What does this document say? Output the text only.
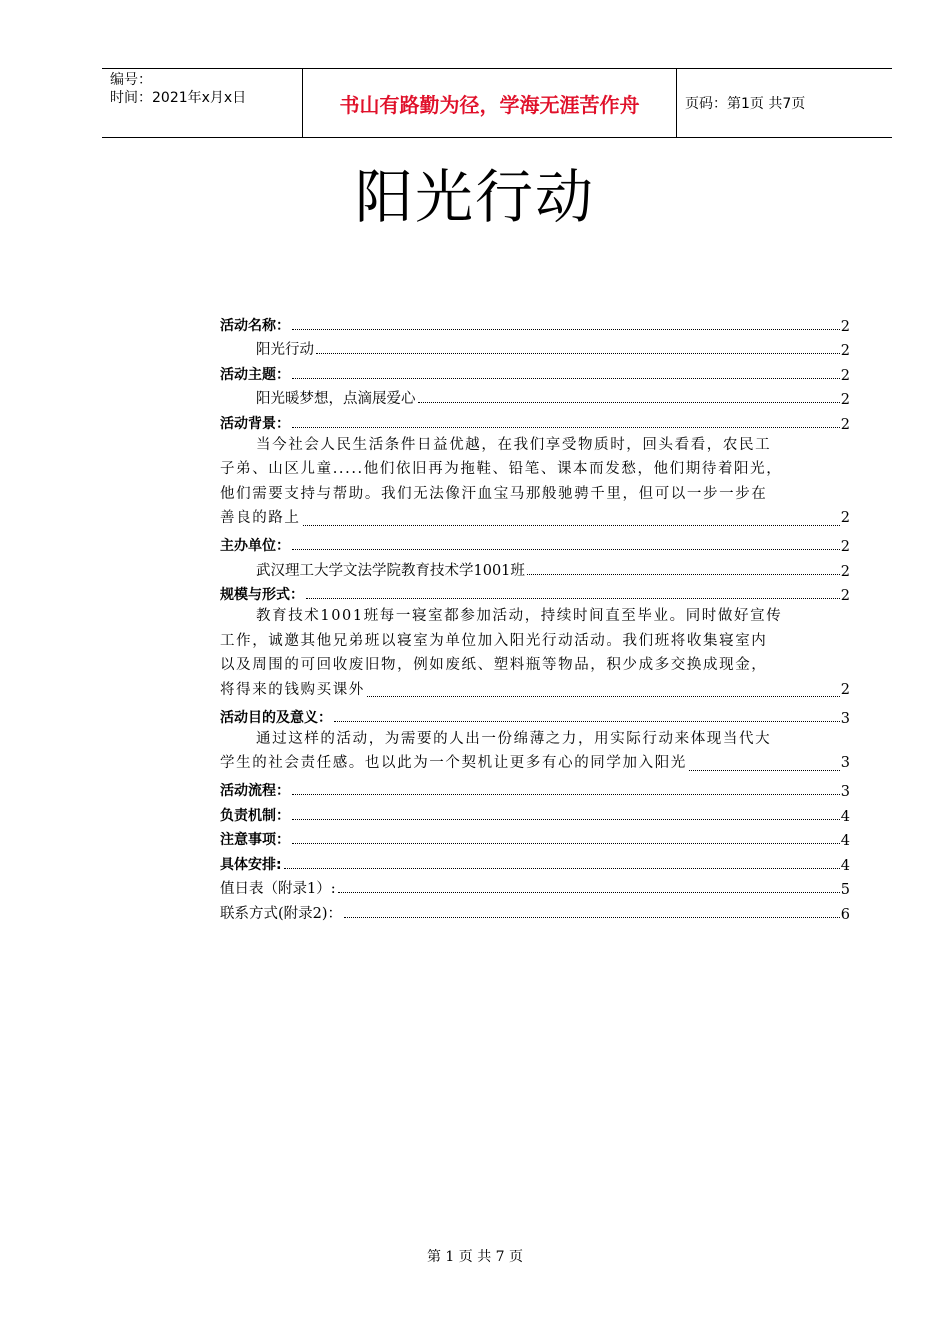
编号：
时间：2021年x月x日	书山有路勤为径，学海无涯苦作舟	页码：第1页 共7页
阳光行动
活动名称：	2
阳光行动	2
活动主题：	2
阳光暖梦想，点滴展爱心	2
活动背景：	2
当今社会人民生活条件日益优越，在我们享受物质时，回头看看，农民工
子弟、山区儿童.....他们依旧再为拖鞋、铅笔、课本而发愁，他们期待着阳光，
他们需要支持与帮助。我们无法像汗血宝马那般驰骋千里，但可以一步一步在
善良的路上	2
主办单位：	2
武汉理工大学文法学院教育技术学1001班	2
规模与形式：	2
教育技术1001班每一寝室都参加活动，持续时间直至毕业。同时做好宣传
工作，诚邀其他兄弟班以寝室为单位加入阳光行动活动。我们班将收集寝室内
以及周围的可回收废旧物，例如废纸、塑料瓶等物品，积少成多交换成现金，
将得来的钱购买课外	2
活动目的及意义：	3
通过这样的活动，为需要的人出一份绵薄之力，用实际行动来体现当代大
学生的社会责任感。也以此为一个契机让更多有心的同学加入阳光	3
活动流程：	3
负责机制：	4
注意事项：	4
具体安排:	4
值日表（附录1）:	5
联系方式(附录2)：	6
第 1 页 共 7 页
